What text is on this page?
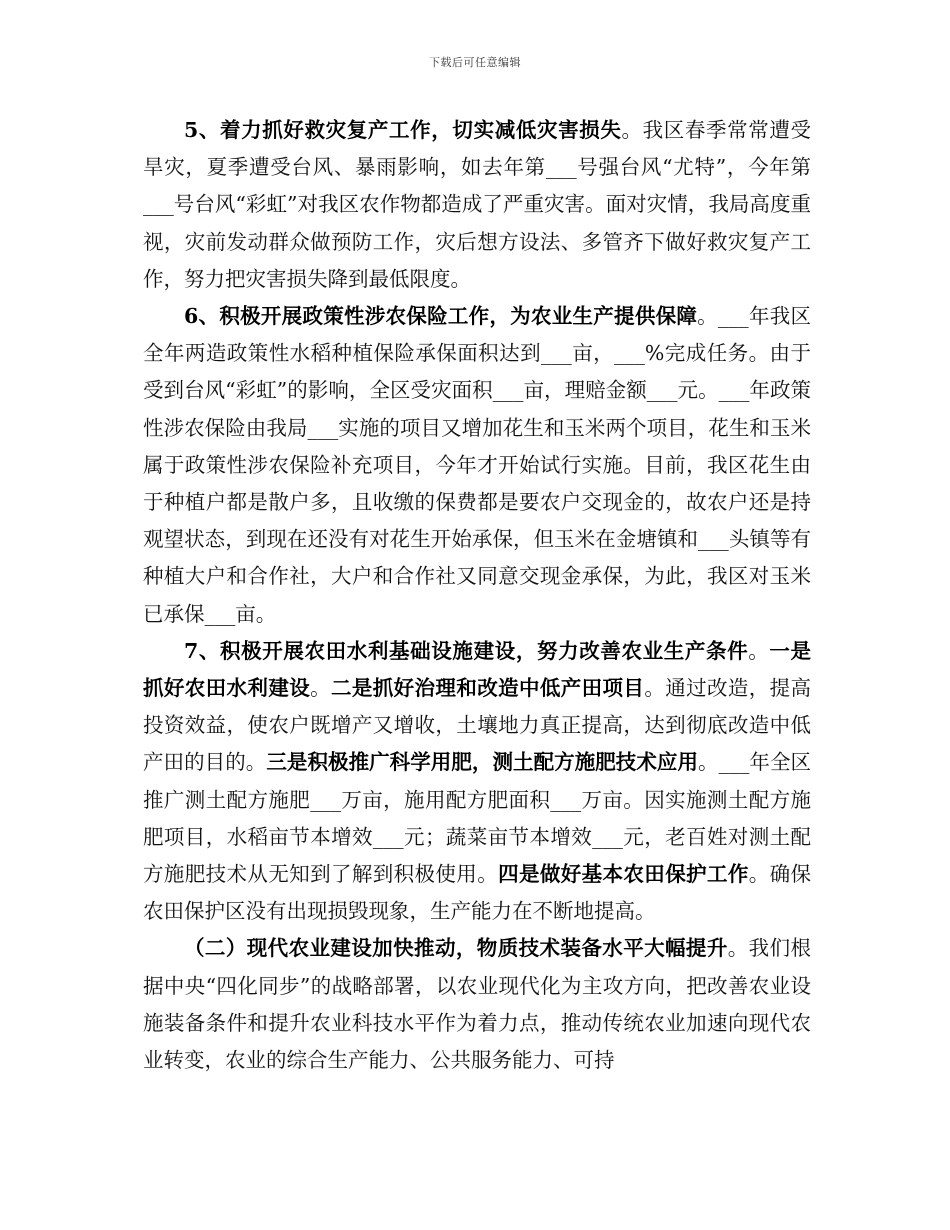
下载后可任意编辑

5、着力抓好救灾复产工作，切实减低灾害损失。我区春季常常遭受旱灾，夏季遭受台风、暴雨影响，如去年第___号强台风“尤特”，今年第___号台风“彩虹”对我区农作物都造成了严重灾害。面对灾情，我局高度重视，灾前发动群众做预防工作，灾后想方设法、多管齐下做好救灾复产工作，努力把灾害损失降到最低限度。

6、积极开展政策性涉农保险工作，为农业生产提供保障。___年我区全年两造政策性水稻种植保险承保面积达到___亩，___%完成任务。由于受到台风“彩虹”的影响，全区受灾面积___亩，理赔金额___元。___年政策性涉农保险由我局___实施的项目又增加花生和玉米两个项目，花生和玉米属于政策性涉农保险补充项目，今年才开始试行实施。目前，我区花生由于种植户都是散户多，且收缴的保费都是要农户交现金的，故农户还是持观望状态，到现在还没有对花生开始承保，但玉米在金塘镇和___头镇等有种植大户和合作社，大户和合作社又同意交现金承保，为此，我区对玉米已承保___亩。

7、积极开展农田水利基础设施建设，努力改善农业生产条件。一是抓好农田水利建设。二是抓好治理和改造中低产田项目。通过改造，提高投资效益，使农户既增产又增收，土壤地力真正提高，达到彻底改造中低产田的目的。三是积极推广科学用肥，测土配方施肥技术应用。___年全区推广测土配方施肥___万亩，施用配方肥面积___万亩。因实施测土配方施肥项目，水稻亩节本增效___元；蔬菜亩节本增效___元，老百姓对测土配方施肥技术从无知到了解到积极使用。四是做好基本农田保护工作。确保农田保护区没有出现损毁现象，生产能力在不断地提高。

（二）现代农业建设加快推动，物质技术装备水平大幅提升。我们根据中央“四化同步”的战略部署，以农业现代化为主攻方向，把改善农业设施装备条件和提升农业科技水平作为着力点，推动传统农业加速向现代农业转变，农业的综合生产能力、公共服务能力、可持
